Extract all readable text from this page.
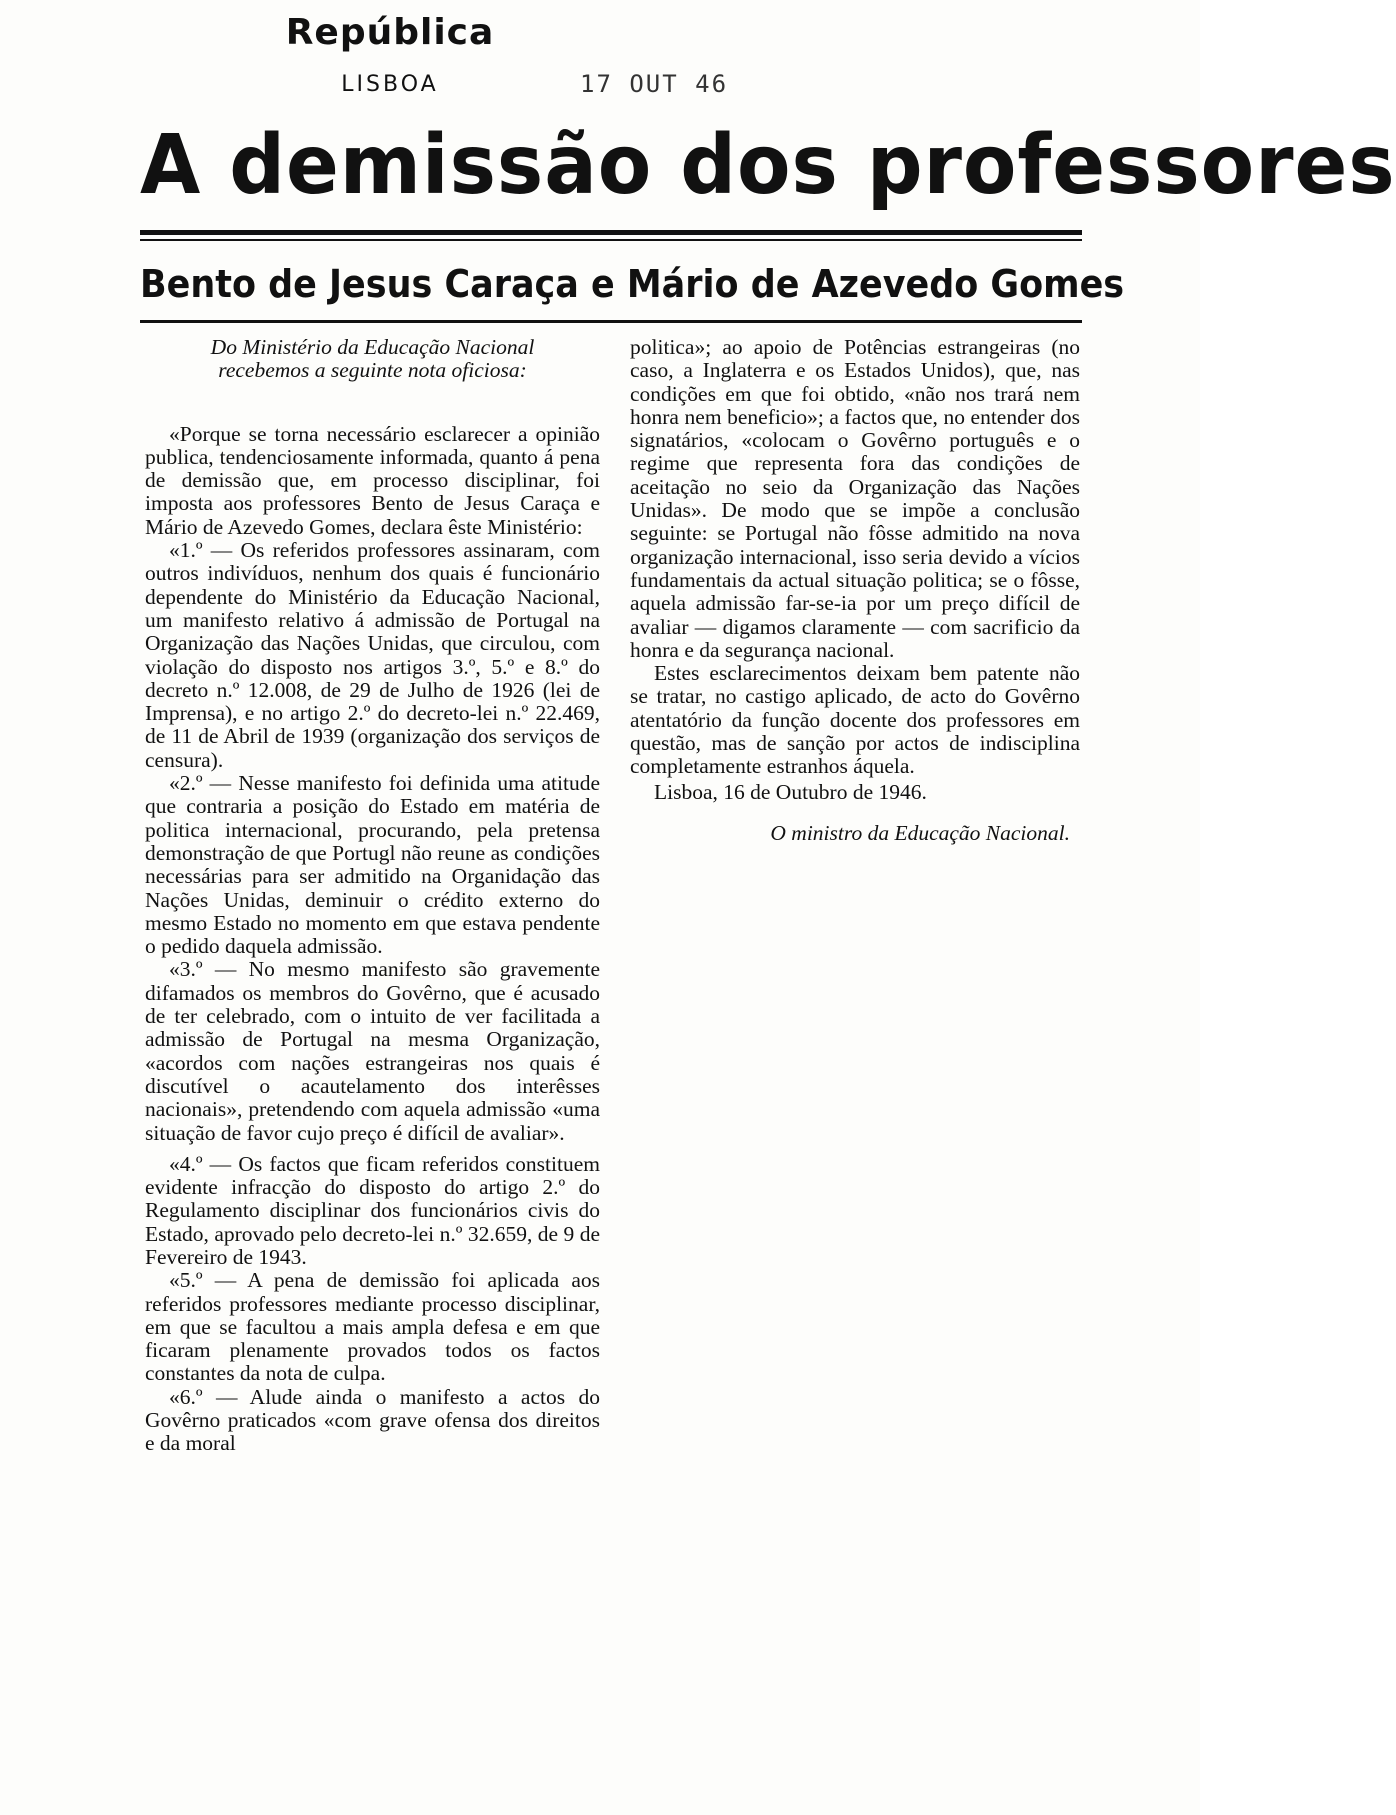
República
LISBOA	17 OUT 46
A demissão dos professores
Bento de Jesus Caraça e Mário de Azevedo Gomes

Do Ministério da Educação Nacional recebemos a seguinte nota oficiosa:

«Porque se torna necessário esclarecer a opinião publica, tendenciosamente informada, quanto á pena de demissão que, em processo disciplinar, foi imposta aos professores Bento de Jesus Caraça e Mário de Azevedo Gomes, declara êste Ministério:

«1.º — Os referidos professores assinaram, com outros indivíduos, nenhum dos quais é funcionário dependente do Ministério da Educação Nacional, um manifesto relativo á admissão de Portugal na Organização das Nações Unidas, que circulou, com violação do disposto nos artigos 3.º, 5.º e 8.º do decreto n.º 12.008, de 29 de Julho de 1926 (lei de Imprensa), e no artigo 2.º do decreto-lei n.º 22.469, de 11 de Abril de 1939 (organização dos serviços de censura).

«2.º — Nesse manifesto foi definida uma atitude que contraria a posição do Estado em matéria de politica internacional, procurando, pela pretensa demonstração de que Portugl não reune as condições necessárias para ser admitido na Organidação das Nações Unidas, deminuir o crédito externo do mesmo Estado no momento em que estava pendente o pedido daquela admissão.

«3.º — No mesmo manifesto são gravemente difamados os membros do Govêrno, que é acusado de ter celebrado, com o intuito de ver facilitada a admissão de Portugal na mesma Organização, «acordos com nações estrangeiras nos quais é discutível o acautelamento dos interêsses nacionais», pretendendo com aquela admissão «uma situação de favor cujo preço é difícil de avaliar».

«4.º — Os factos que ficam referidos constituem evidente infracção do disposto do artigo 2.º do Regulamento disciplinar dos funcionários civis do Estado, aprovado pelo decreto-lei n.º 32.659, de 9 de Fevereiro de 1943.

«5.º — A pena de demissão foi aplicada aos referidos professores mediante processo disciplinar, em que se facultou a mais ampla defesa e em que ficaram plenamente provados todos os factos constantes da nota de culpa.

«6.º — Alude ainda o manifesto a actos do Govêrno praticados «com grave ofensa dos direitos e da moral

politica»; ao apoio de Potências estrangeiras (no caso, a Inglaterra e os Estados Unidos), que, nas condições em que foi obtido, «não nos trará nem honra nem beneficio»; a factos que, no entender dos signatários, «colocam o Govêrno português e o regime que representa fora das condições de aceitação no seio da Organização das Nações Unidas». De modo que se impõe a conclusão seguinte: se Portugal não fôsse admitido na nova organização internacional, isso seria devido a vícios fundamentais da actual situação politica; se o fôsse, aquela admissão far-se-ia por um preço difícil de avaliar — digamos claramente — com sacrificio da honra e da segurança nacional.

Estes esclarecimentos deixam bem patente não se tratar, no castigo aplicado, de acto do Govêrno atentatório da função docente dos professores em questão, mas de sanção por actos de indisciplina completamente estranhos áquela.

Lisboa, 16 de Outubro de 1946.

O ministro da Educação Nacional.
